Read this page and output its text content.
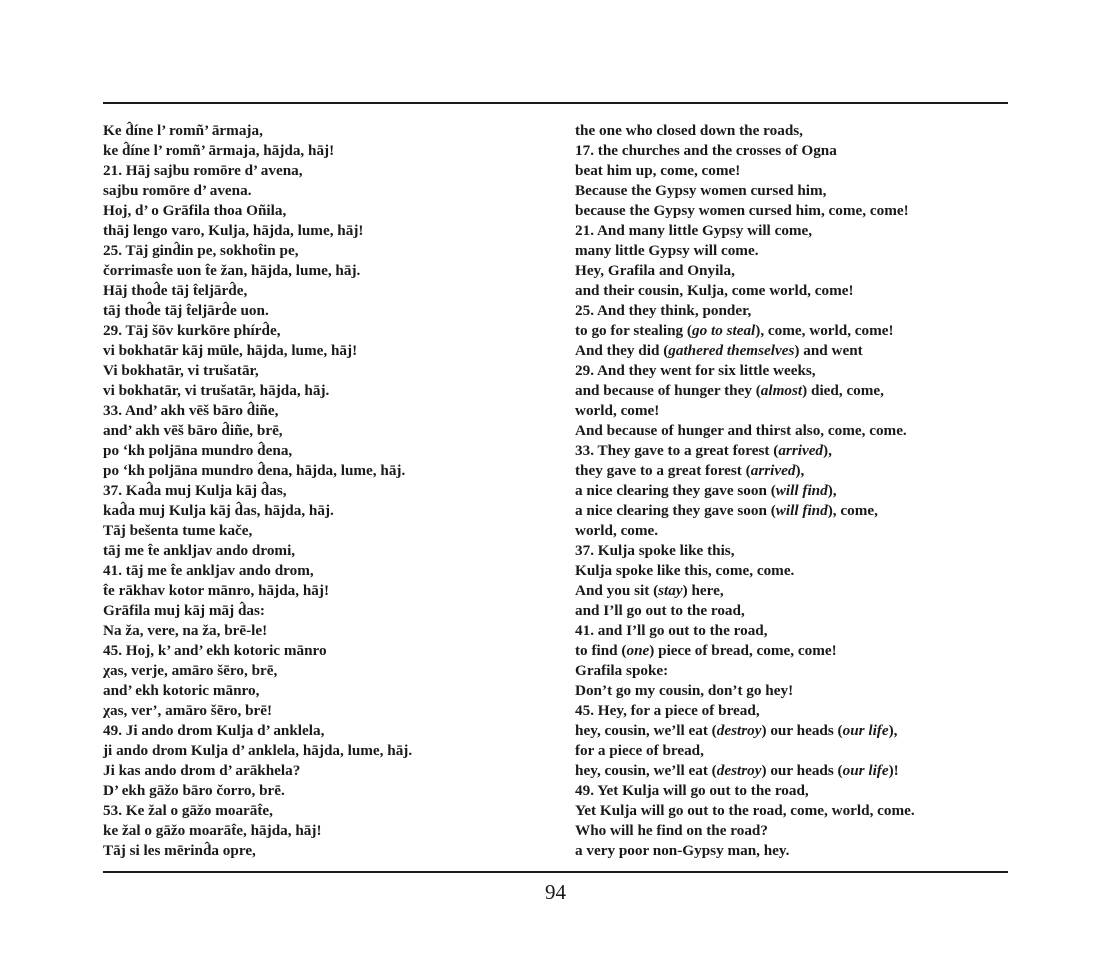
Ke d̂íne l’ romñ’ ārmaja,
ke d̂íne l’ romñ’ ārmaja, hājda, hāj!
21. Hāj sajbu romōre d’ avena,
sajbu romōre d’ avena.
Hoj, d’ o Grāfila thoa Oñila,
thāj lengo varo, Kulja, hājda, lume, hāj!
25. Tāj gind̂in pe, sokhot̂in pe,
čorrimast̂e uon t̂e žan, hājda, lume, hāj.
Hāj thod̂e tāj t̂eljārd̂e,
tāj thod̂e tāj t̂eljārd̂e uon.
29. Tāj šōv kurkōre phírd̂e,
vi bokhatār kāj mūle, hājda, lume, hāj!
Vi bokhatār, vi trušatār,
vi bokhatār, vi trušatār, hājda, hāj.
33. And’ akh vēš bāro d̂iñe,
and’ akh vēš bāro d̂iñe, brē,
po ‘kh poljāna mundro d̂ena,
po ‘kh poljāna mundro d̂ena, hājda, lume, hāj.
37. Kad̂a muj Kulja kāj d̂as,
kad̂a muj Kulja kāj d̂as, hājda, hāj.
Tāj bešenta tume kače,
tāj me t̂e ankljav ando dromi,
41. tāj me t̂e ankljav ando drom,
t̂e rākhav kotor mānro, hājda, hāj!
Grāfila muj kāj māj d̂as:
Na ža, vere, na ža, brē-le!
45. Hoj, k’ and’ ekh kotoric mānro
χas, verje, amāro šēro, brē,
and’ ekh kotoric mānro,
χas, ver’, amāro šēro, brē!
49. Ji ando drom Kulja d’ anklela,
ji ando drom Kulja d’ anklela, hājda, lume, hāj.
Ji kas ando drom d’ arākhela?
D’ ekh gāžo bāro čorro, brē.
53. Ke žal o gāžo moarāt̂e,
ke žal o gāžo moarāt̂e, hājda, hāj!
Tāj si les mērind̂a opre,
the one who closed down the roads,
17. the churches and the crosses of Ogna
beat him up, come, come!
Because the Gypsy women cursed him,
because the Gypsy women cursed him, come, come!
21. And many little Gypsy will come,
many little Gypsy will come.
Hey, Grafila and Onyila,
and their cousin, Kulja, come world, come!
25. And they think, ponder,
to go for stealing (go to steal), come, world, come!
And they did (gathered themselves) and went
29. And they went for six little weeks,
and because of hunger they (almost) died, come,
world, come!
And because of hunger and thirst also, come, come.
33. They gave to a great forest (arrived),
they gave to a great forest (arrived),
a nice clearing they gave soon (will find),
a nice clearing they gave soon (will find), come,
world, come.
37. Kulja spoke like this,
Kulja spoke like this, come, come.
And you sit (stay) here,
and I’ll go out to the road,
41. and I’ll go out to the road,
to find (one) piece of bread, come, come!
Grafila spoke:
Don’t go my cousin, don’t go hey!
45. Hey, for a piece of bread,
hey, cousin, we’ll eat (destroy) our heads (our life),
for a piece of bread,
hey, cousin, we’ll eat (destroy) our heads (our life)!
49. Yet Kulja will go out to the road,
Yet Kulja will go out to the road, come, world, come.
Who will he find on the road?
a very poor non-Gypsy man, hey.
94
